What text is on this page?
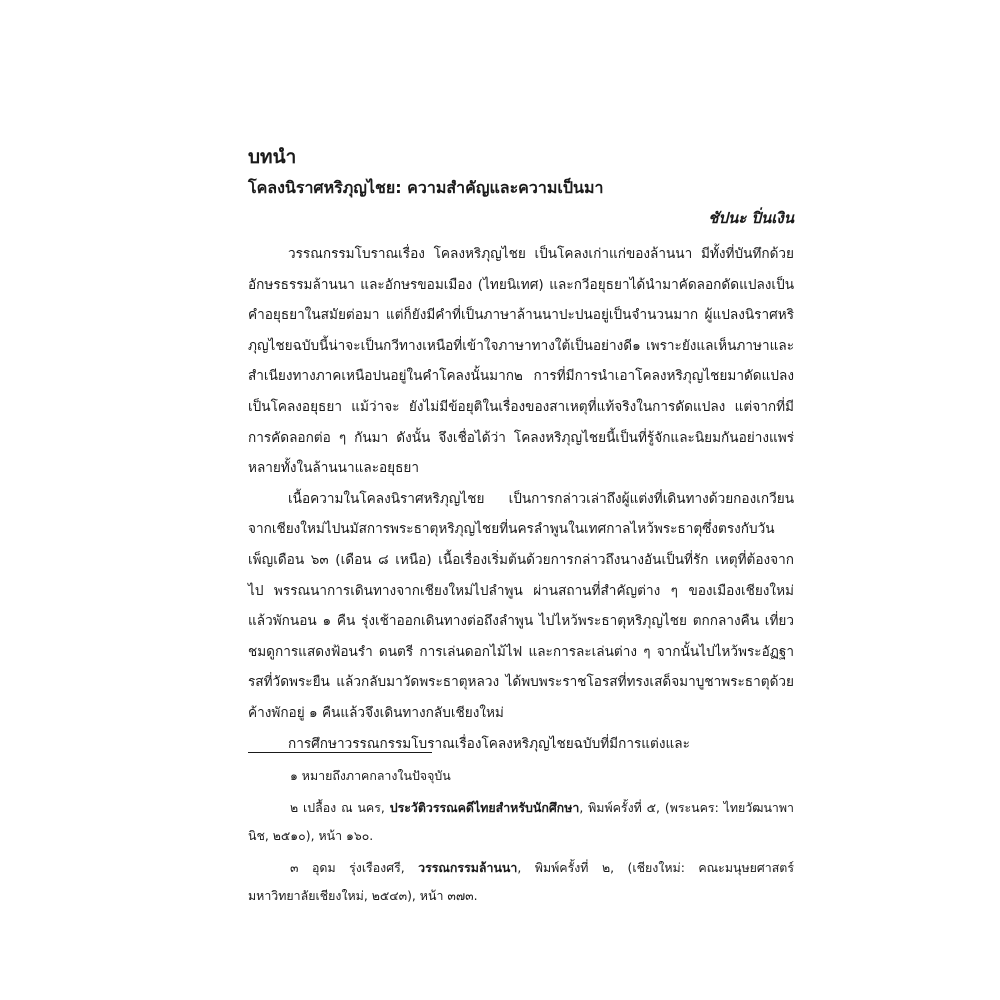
บทนำ
โคลงนิราศหริภุญไชย: ความสำคัญและความเป็นมา
ชัปนะ ปิ่นเงิน

วรรณกรรมโบราณเรื่อง โคลงหริภุญไชย เป็นโคลงเก่าแก่ของล้านนา มีทั้งที่บันทึกด้วยอักษรธรรมล้านนา และอักษรขอมเมือง (ไทยนิเทศ) และกวีอยุธยาได้นำมาคัดลอกดัดแปลงเป็นคำอยุธยาในสมัยต่อมา แต่ก็ยังมีคำที่เป็นภาษาล้านนาปะปนอยู่เป็นจำนวนมาก ผู้แปลงนิราศหริภุญไชยฉบับนี้น่าจะเป็นกวีทางเหนือที่เข้าใจภาษาทางใต้เป็นอย่างดี๑ เพราะยังแลเห็นภาษาและสำเนียงทางภาคเหนือปนอยู่ในคำโคลงนั้นมาก๒ การที่มีการนำเอาโคลงหริภุญไชยมาดัดแปลงเป็นโคลงอยุธยา แม้ว่าจะ ยังไม่มีข้อยุติในเรื่องของสาเหตุที่แท้จริงในการดัดแปลง แต่จากที่มีการคัดลอกต่อ ๆ กันมา ดังนั้น จึงเชื่อได้ว่า โคลงหริภุญไชยนี้เป็นที่รู้จักและนิยมกันอย่างแพร่หลายทั้งในล้านนาและอยุธยา

เนื้อความในโคลงนิราศหริภุญไชย เป็นการกล่าวเล่าถึงผู้แต่งที่เดินทางด้วยกองเกวียนจากเชียงใหม่ไปนมัสการพระธาตุหริภุญไชยที่นครลำพูนในเทศกาลไหว้พระธาตุซึ่งตรงกับวันเพ็ญเดือน ๖๓ (เดือน ๘ เหนือ) เนื้อเรื่องเริ่มต้นด้วยการกล่าวถึงนางอันเป็นที่รัก เหตุที่ต้องจากไป พรรณนาการเดินทางจากเชียงใหม่ไปลำพูน ผ่านสถานที่สำคัญต่าง ๆ ของเมืองเชียงใหม่ แล้วพักนอน ๑ คืน รุ่งเช้าออกเดินทางต่อถึงลำพูน ไปไหว้พระธาตุหริภุญไชย ตกกลางคืน เที่ยวชมดูการแสดงฟ้อนรำ ดนตรี การเล่นดอกไม้ไฟ และการละเล่นต่าง ๆ จากนั้นไปไหว้พระอัฏฐารสที่วัดพระยืน แล้วกลับมาวัดพระธาตุหลวง ได้พบพระราชโอรสที่ทรงเสด็จมาบูชาพระธาตุด้วย ค้างพักอยู่ ๑ คืนแล้วจึงเดินทางกลับเชียงใหม่

การศึกษาวรรณกรรมโบราณเรื่องโคลงหริภุญไชยฉบับที่มีการแต่งและ

๑ หมายถึงภาคกลางในปัจจุบัน

๒ เปลื้อง ณ นคร, ประวัติวรรณคดีไทยสำหรับนักศึกษา, พิมพ์ครั้งที่ ๕, (พระนคร: ไทยวัฒนาพานิช, ๒๕๑๐), หน้า ๑๖๐.

๓ อุดม รุ่งเรืองศรี, วรรณกรรมล้านนา, พิมพ์ครั้งที่ ๒, (เชียงใหม่: คณะมนุษยศาสตร์ มหาวิทยาลัยเชียงใหม่, ๒๕๔๓), หน้า ๓๗๓.
